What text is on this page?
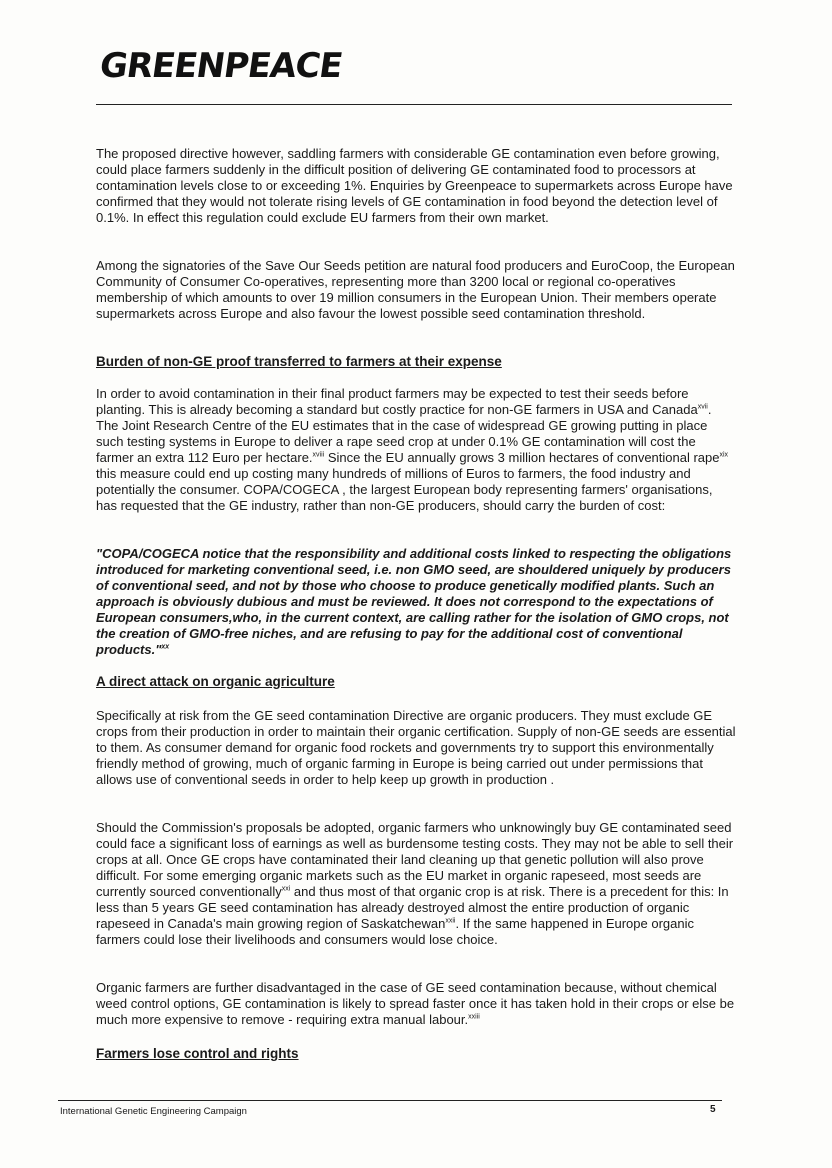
GREENPEACE

The proposed directive however, saddling farmers with considerable GE contamination even before growing, could place farmers suddenly in the difficult position of delivering GE contaminated food to processors at contamination levels close to or exceeding 1%. Enquiries by Greenpeace to supermarkets across Europe have confirmed that they would not tolerate rising levels of GE contamination in food beyond the detection level of 0.1%. In effect this regulation could exclude EU farmers from their own market.

Among the signatories of the Save Our Seeds petition are natural food producers and EuroCoop, the European Community of Consumer Co-operatives, representing more than 3200 local or regional co-operatives membership of which amounts to over 19 million consumers in the European Union. Their members operate supermarkets across Europe and also favour the lowest possible seed contamination threshold.

Burden of non-GE proof transferred to farmers at their expense

In order to avoid contamination in their final product farmers may be expected to test their seeds before planting. This is already becoming a standard but costly practice for non-GE farmers in USA and Canada$^{xvii}$. The Joint Research Centre of the EU estimates that in the case of widespread GE growing putting in place such testing systems in Europe to deliver a rape seed crop at under 0.1% GE contamination will cost the farmer an extra 112 Euro per hectare.$^{xviii}$ Since the EU annually grows 3 million hectares of conventional rape$^{xix}$ this measure could end up costing many hundreds of millions of Euros to farmers, the food industry and potentially the consumer. COPA/COGECA , the largest European body representing farmers' organisations, has requested that the GE industry, rather than non-GE producers, should carry the burden of cost:

"COPA/COGECA notice that the responsibility and additional costs linked to respecting the obligations introduced for marketing conventional seed, i.e. non GMO seed, are shouldered uniquely by producers of conventional seed, and not by those who choose to produce genetically modified plants. Such an approach is obviously dubious and must be reviewed. It does not correspond to the expectations of European consumers,who, in the current context, are calling rather for the isolation of GMO crops, not the creation of GMO-free niches, and are refusing to pay for the additional cost of conventional products."$^{xx}$

A direct attack on organic agriculture

Specifically at risk from the GE seed contamination Directive are organic producers. They must exclude GE crops from their production in order to maintain their organic certification. Supply of non-GE seeds are essential to them. As consumer demand for organic food rockets and governments try to support this environmentally friendly method of growing, much of organic farming in Europe is being carried out under permissions that allows use of conventional seeds in order to help keep up growth in production .

Should the Commission's proposals be adopted, organic farmers who unknowingly buy GE contaminated seed could face a significant loss of earnings as well as burdensome testing costs. They may not be able to sell their crops at all. Once GE crops have contaminated their land cleaning up that genetic pollution will also prove difficult. For some emerging organic markets such as the EU market in organic rapeseed, most seeds are currently sourced conventionally$^{xxi}$ and thus most of that organic crop is at risk. There is a precedent for this: In less than 5 years GE seed contamination has already destroyed almost the entire production of organic rapeseed in Canada's main growing region of Saskatchewan$^{xxii}$. If the same happened in Europe organic farmers could lose their livelihoods and consumers would lose choice.

Organic farmers are further disadvantaged in the case of GE seed contamination because, without chemical weed control options, GE contamination is likely to spread faster once it has taken hold in their crops or else be much more expensive to remove - requiring extra manual labour.$^{xxiii}$

Farmers lose control and rights

International Genetic Engineering Campaign	5
